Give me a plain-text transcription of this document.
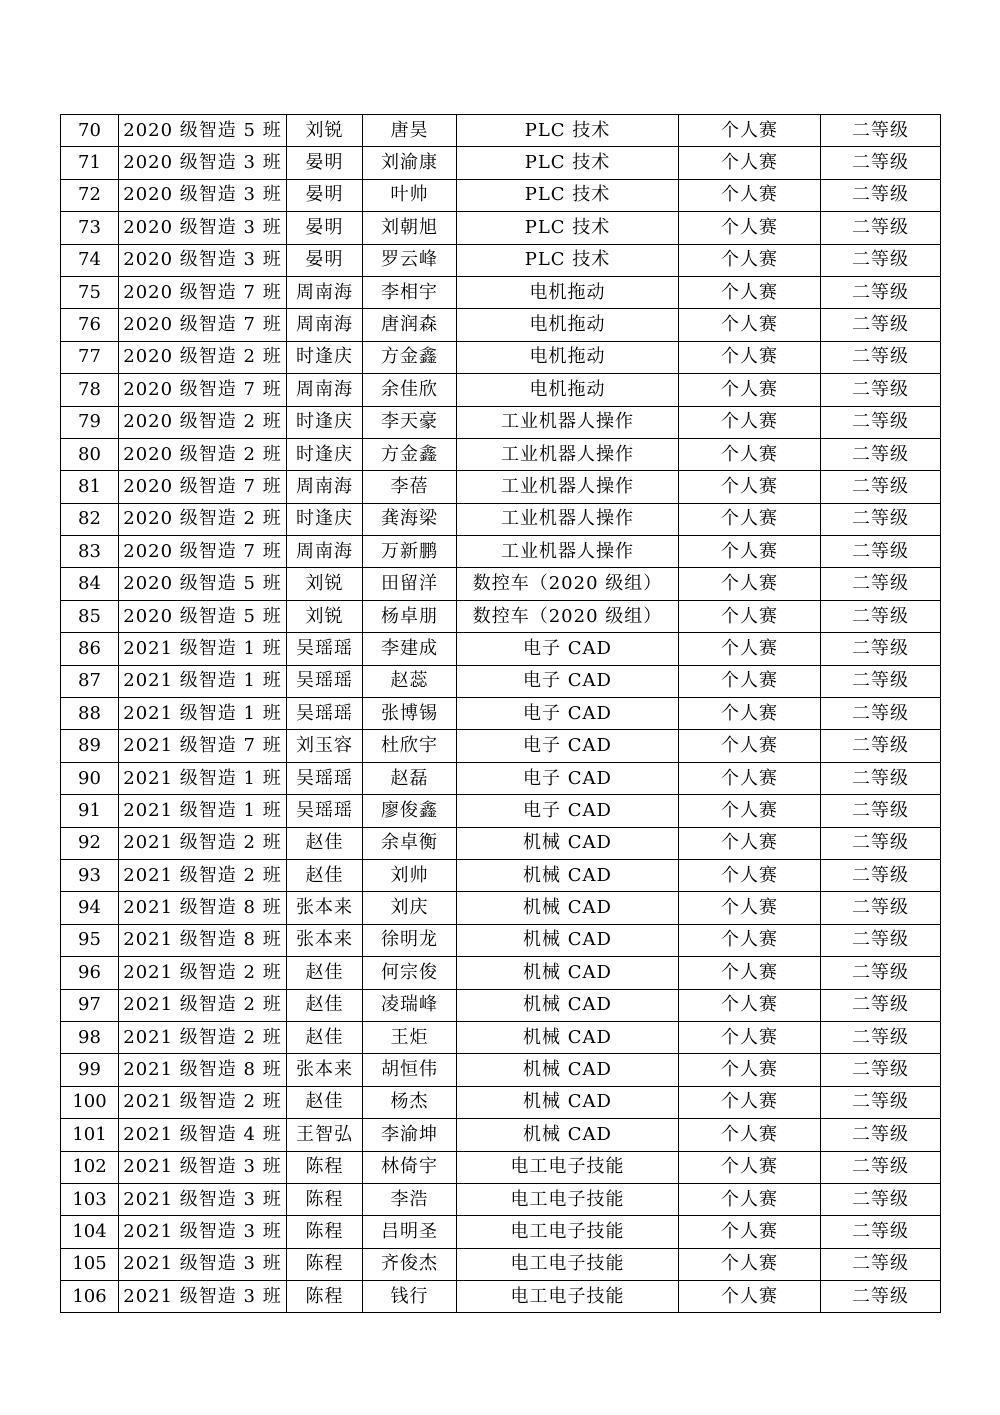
70	2020 级智造 5 班	刘锐	唐昊	PLC 技术	个人赛	二等级
71	2020 级智造 3 班	晏明	刘渝康	PLC 技术	个人赛	二等级
72	2020 级智造 3 班	晏明	叶帅	PLC 技术	个人赛	二等级
73	2020 级智造 3 班	晏明	刘朝旭	PLC 技术	个人赛	二等级
74	2020 级智造 3 班	晏明	罗云峰	PLC 技术	个人赛	二等级
75	2020 级智造 7 班	周南海	李相宇	电机拖动	个人赛	二等级
76	2020 级智造 7 班	周南海	唐润森	电机拖动	个人赛	二等级
77	2020 级智造 2 班	时逢庆	方金鑫	电机拖动	个人赛	二等级
78	2020 级智造 7 班	周南海	余佳欣	电机拖动	个人赛	二等级
79	2020 级智造 2 班	时逢庆	李天豪	工业机器人操作	个人赛	二等级
80	2020 级智造 2 班	时逢庆	方金鑫	工业机器人操作	个人赛	二等级
81	2020 级智造 7 班	周南海	李蓓	工业机器人操作	个人赛	二等级
82	2020 级智造 2 班	时逢庆	龚海梁	工业机器人操作	个人赛	二等级
83	2020 级智造 7 班	周南海	万新鹏	工业机器人操作	个人赛	二等级
84	2020 级智造 5 班	刘锐	田留洋	数控车（2020 级组）	个人赛	二等级
85	2020 级智造 5 班	刘锐	杨卓朋	数控车（2020 级组）	个人赛	二等级
86	2021 级智造 1 班	吴瑶瑶	李建成	电子 CAD	个人赛	二等级
87	2021 级智造 1 班	吴瑶瑶	赵蕊	电子 CAD	个人赛	二等级
88	2021 级智造 1 班	吴瑶瑶	张博锡	电子 CAD	个人赛	二等级
89	2021 级智造 7 班	刘玉容	杜欣宇	电子 CAD	个人赛	二等级
90	2021 级智造 1 班	吴瑶瑶	赵磊	电子 CAD	个人赛	二等级
91	2021 级智造 1 班	吴瑶瑶	廖俊鑫	电子 CAD	个人赛	二等级
92	2021 级智造 2 班	赵佳	余卓衡	机械 CAD	个人赛	二等级
93	2021 级智造 2 班	赵佳	刘帅	机械 CAD	个人赛	二等级
94	2021 级智造 8 班	张本来	刘庆	机械 CAD	个人赛	二等级
95	2021 级智造 8 班	张本来	徐明龙	机械 CAD	个人赛	二等级
96	2021 级智造 2 班	赵佳	何宗俊	机械 CAD	个人赛	二等级
97	2021 级智造 2 班	赵佳	凌瑞峰	机械 CAD	个人赛	二等级
98	2021 级智造 2 班	赵佳	王炬	机械 CAD	个人赛	二等级
99	2021 级智造 8 班	张本来	胡恒伟	机械 CAD	个人赛	二等级
100	2021 级智造 2 班	赵佳	杨杰	机械 CAD	个人赛	二等级
101	2021 级智造 4 班	王智弘	李渝坤	机械 CAD	个人赛	二等级
102	2021 级智造 3 班	陈程	林倚宇	电工电子技能	个人赛	二等级
103	2021 级智造 3 班	陈程	李浩	电工电子技能	个人赛	二等级
104	2021 级智造 3 班	陈程	吕明圣	电工电子技能	个人赛	二等级
105	2021 级智造 3 班	陈程	齐俊杰	电工电子技能	个人赛	二等级
106	2021 级智造 3 班	陈程	钱行	电工电子技能	个人赛	二等级
